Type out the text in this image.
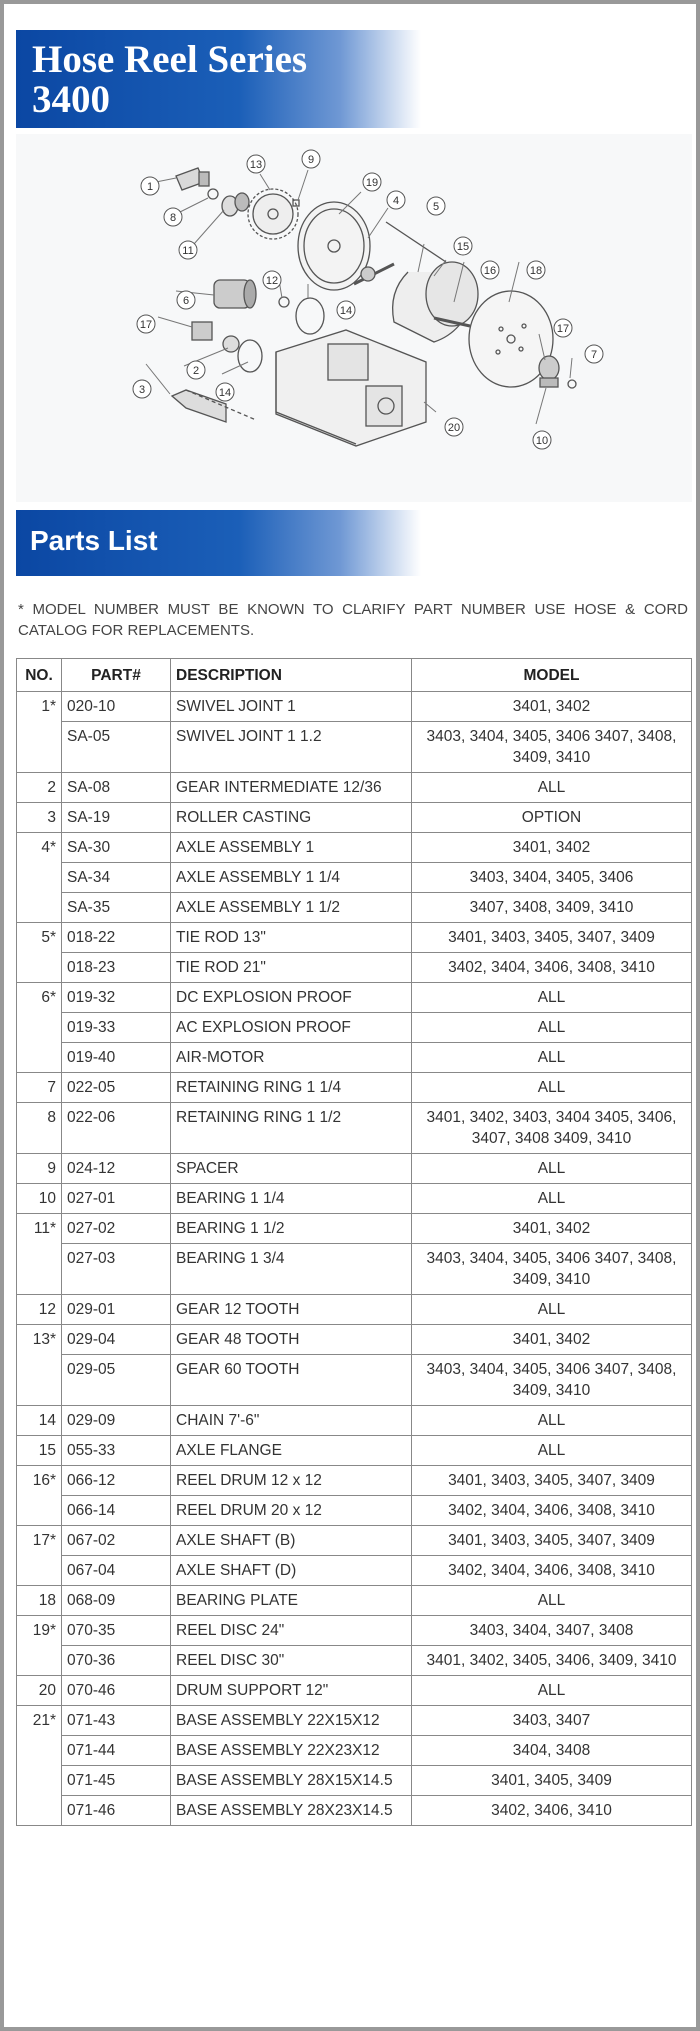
Hose Reel Series
3400
1
8
11
13	9
19
4	5
15
16	18
17
7
10
6
12
14
17
2
14
3
20
Parts List

* MODEL NUMBER MUST BE KNOWN TO CLARIFY PART NUMBER USE HOSE & CORD CATALOG FOR REPLACEMENTS.

NO.	PART#	DESCRIPTION	MODEL
1*	020-10	SWIVEL JOINT 1	3401, 3402
	SA-05	SWIVEL JOINT 1 1.2	3403, 3404, 3405, 3406 3407, 3408, 3409, 3410
2	SA-08	GEAR INTERMEDIATE 12/36	ALL
3	SA-19	ROLLER CASTING	OPTION
4*	SA-30	AXLE ASSEMBLY 1	3401, 3402
	SA-34	AXLE ASSEMBLY 1 1/4	3403, 3404, 3405, 3406
	SA-35	AXLE ASSEMBLY 1 1/2	3407, 3408, 3409, 3410
5*	018-22	TIE ROD 13"	3401, 3403, 3405, 3407, 3409
	018-23	TIE ROD 21"	3402, 3404, 3406, 3408, 3410
6*	019-32	DC EXPLOSION PROOF	ALL
	019-33	AC EXPLOSION PROOF	ALL
	019-40	AIR-MOTOR	ALL
7	022-05	RETAINING RING 1 1/4	ALL
8	022-06	RETAINING RING 1 1/2	3401, 3402, 3403, 3404 3405, 3406, 3407, 3408 3409, 3410
9	024-12	SPACER	ALL
10	027-01	BEARING 1 1/4	ALL
11*	027-02	BEARING 1 1/2	3401, 3402
	027-03	BEARING 1 3/4	3403, 3404, 3405, 3406 3407, 3408, 3409, 3410
12	029-01	GEAR 12 TOOTH	ALL
13*	029-04	GEAR 48 TOOTH	3401, 3402
	029-05	GEAR 60 TOOTH	3403, 3404, 3405, 3406 3407, 3408, 3409, 3410
14	029-09	CHAIN 7'-6"	ALL
15	055-33	AXLE FLANGE	ALL
16*	066-12	REEL DRUM 12 x 12	3401, 3403, 3405, 3407, 3409
	066-14	REEL DRUM 20 x 12	3402, 3404, 3406, 3408, 3410
17*	067-02	AXLE SHAFT (B)	3401, 3403, 3405, 3407, 3409
	067-04	AXLE SHAFT (D)	3402, 3404, 3406, 3408, 3410
18	068-09	BEARING PLATE	ALL
19*	070-35	REEL DISC 24"	3403, 3404, 3407, 3408
	070-36	REEL DISC 30"	3401, 3402, 3405, 3406, 3409, 3410
20	070-46	DRUM SUPPORT 12"	ALL
21*	071-43	BASE ASSEMBLY 22X15X12	3403, 3407
	071-44	BASE ASSEMBLY 22X23X12	3404, 3408
	071-45	BASE ASSEMBLY 28X15X14.5	3401, 3405, 3409
	071-46	BASE ASSEMBLY 28X23X14.5	3402, 3406, 3410
